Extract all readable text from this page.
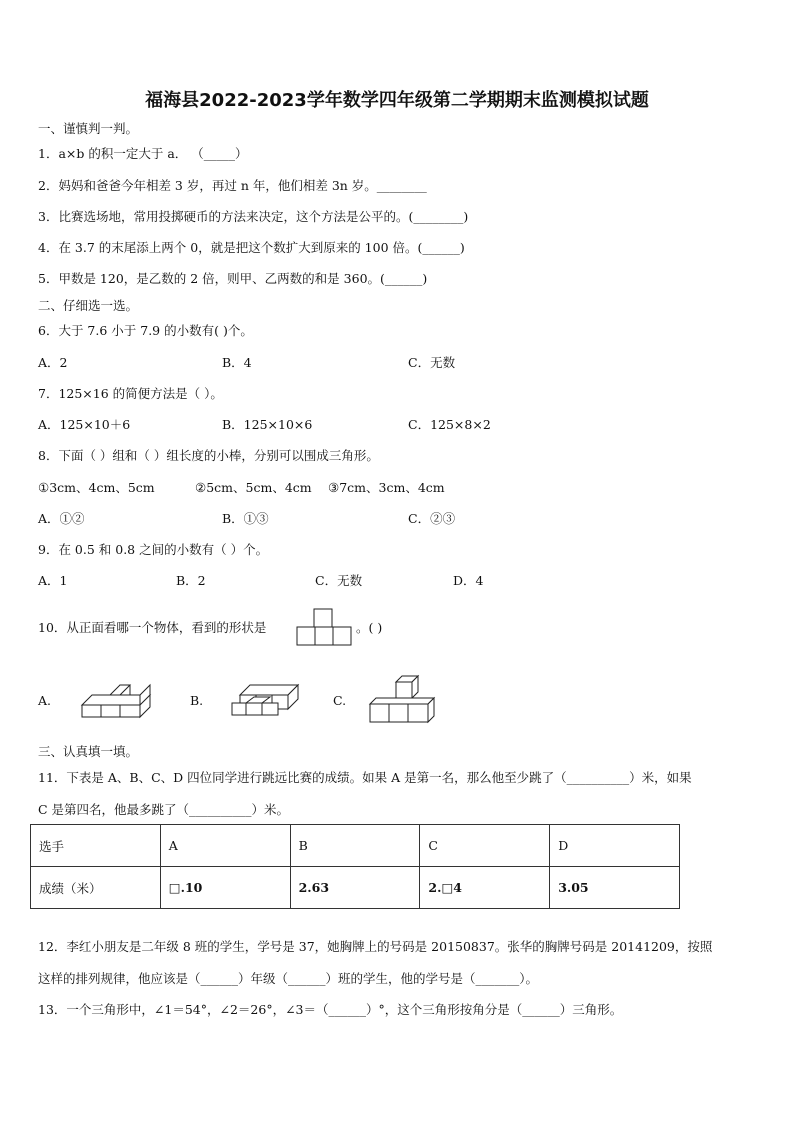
福海县2022-2023学年数学四年级第二学期期末监测模拟试题
一、谨慎判一判。
1．a×b 的积一定大于 a． （_____）
2．妈妈和爸爸今年相差 3 岁，再过 n 年，他们相差 3n 岁。________
3．比赛选场地，常用投掷硬币的方法来决定，这个方法是公平的。(________)
4．在 3.7 的末尾添上两个 0，就是把这个数扩大到原来的 100 倍。(______)
5．甲数是 120，是乙数的 2 倍，则甲、乙两数的和是 360。(______)
二、仔细选一选。
6．大于 7.6 小于 7.9 的小数有( )个。
A．2	B．4	C．无数
7．125×16 的简便方法是（ ）。
A．125×10＋6	B．125×10×6	C．125×8×2
8．下面（ ）组和（ ）组长度的小棒，分别可以围成三角形。
①3cm、4cm、5cm	②5cm、5cm、4cm ③7cm、3cm、4cm
A．①②	B．①③	C．②③
9．在 0.5 和 0.8 之间的小数有（ ）个。
A．1	B．2	C．无数	D．4
10．从正面看哪一个物体，看到的形状是	。( )
A.	B.	C.
三、认真填一填。
11．下表是 A、B、C、D 四位同学进行跳远比赛的成绩。如果 A 是第一名，那么他至少跳了（__________）米，如果
C 是第四名，他最多跳了（__________）米。
选手	A	B	C	D
成绩（米）	□.10	2.63	2.□4	3.05
12．李红小朋友是二年级 8 班的学生，学号是 37，她胸牌上的号码是 20150837。张华的胸牌号码是 20141209，按照
这样的排列规律，他应该是（______）年级（______）班的学生，他的学号是（_______）。
13．一个三角形中，∠1＝54°，∠2＝26°，∠3＝（______）°，这个三角形按角分是（______）三角形。
